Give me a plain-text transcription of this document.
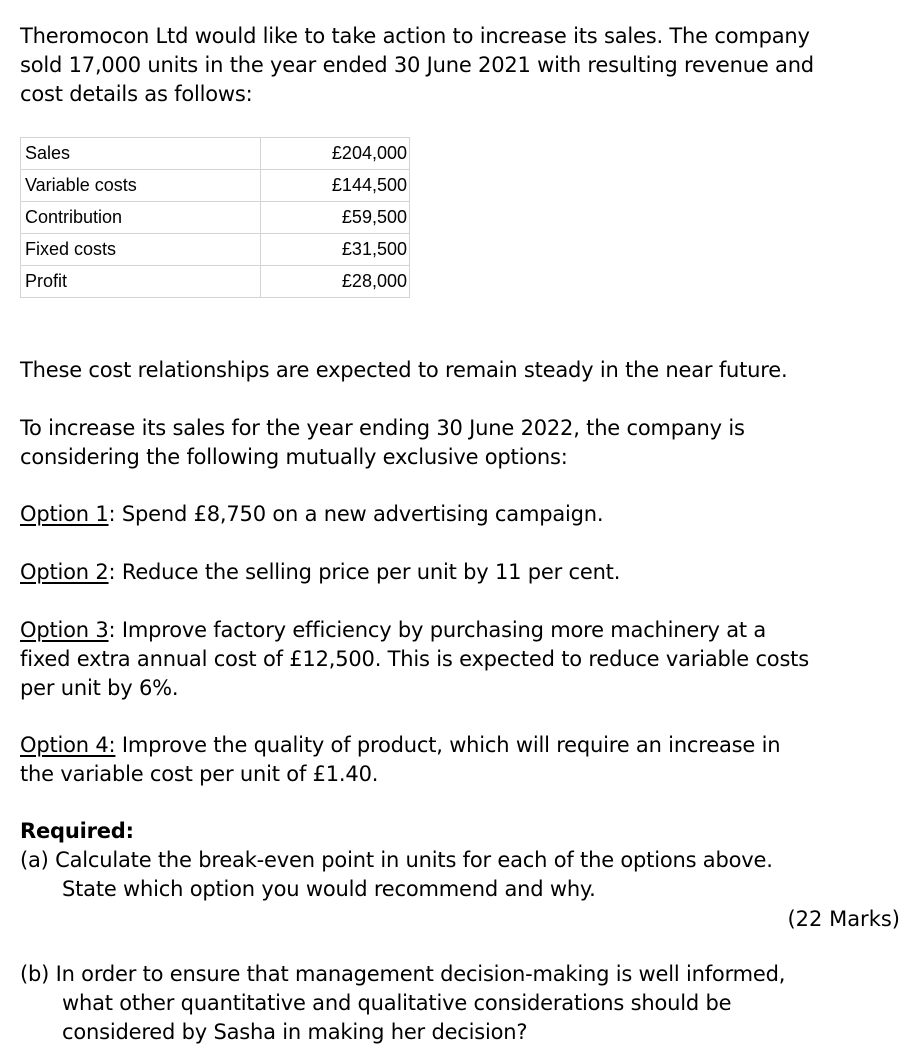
Theromocon Ltd would like to take action to increase its sales. The company
sold 17,000 units in the year ended 30 June 2021 with resulting revenue and
cost details as follows:
Sales	£204,000
Variable costs	£144,500
Contribution	£59,500
Fixed costs	£31,500
Profit	£28,000
These cost relationships are expected to remain steady in the near future.
To increase its sales for the year ending 30 June 2022, the company is
considering the following mutually exclusive options:
Option 1: Spend £8,750 on a new advertising campaign.
Option 2: Reduce the selling price per unit by 11 per cent.
Option 3: Improve factory efficiency by purchasing more machinery at a
fixed extra annual cost of £12,500. This is expected to reduce variable costs
per unit by 6%.
Option 4: Improve the quality of product, which will require an increase in
the variable cost per unit of £1.40.
Required:
(a) Calculate the break-even point in units for each of the options above.
State which option you would recommend and why.
(22 Marks)
(b) In order to ensure that management decision-making is well informed,
what other quantitative and qualitative considerations should be
considered by Sasha in making her decision?
